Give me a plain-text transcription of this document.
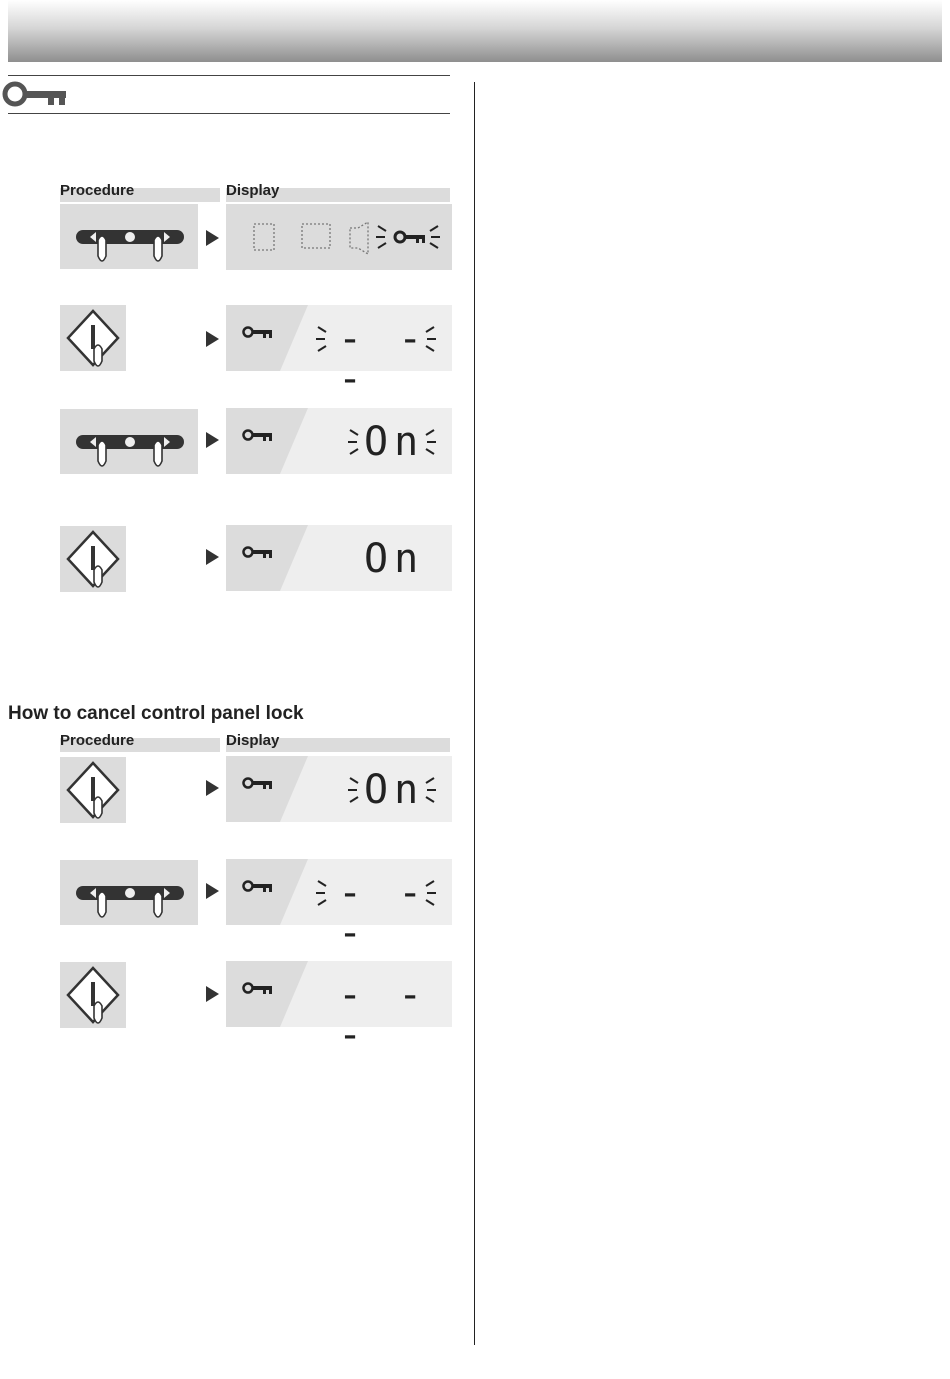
Procedure	Display
- - -
On
On
How to cancel control panel lock
Procedure	Display
On
- - -
- - -
